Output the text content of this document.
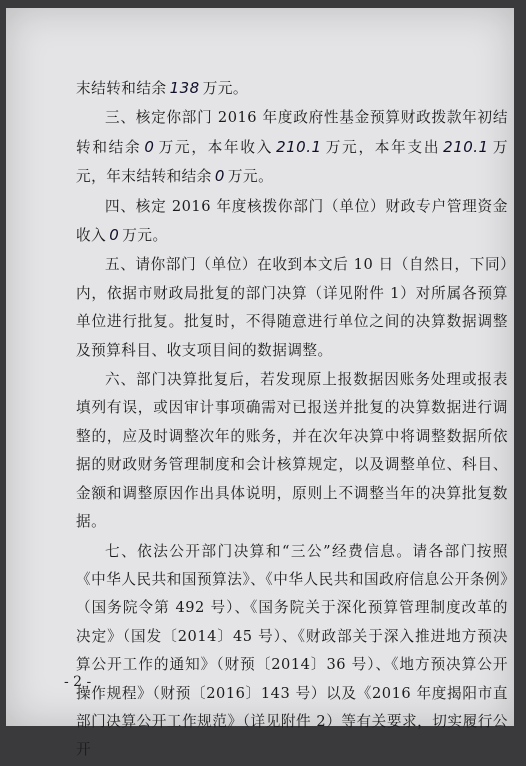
末结转和结余 138 万元。

三、核定你部门 2016 年度政府性基金预算财政拨款年初结转和结余 0 万元，本年收入 210.1 万元，本年支出 210.1 万元，年末结转和结余 0 万元。

四、核定 2016 年度核拨你部门（单位）财政专户管理资金收入 0 万元。

五、请你部门（单位）在收到本文后 10 日（自然日，下同）内，依据市财政局批复的部门决算（详见附件 1）对所属各预算单位进行批复。批复时，不得随意进行单位之间的决算数据调整及预算科目、收支项目间的数据调整。

六、部门决算批复后，若发现原上报数据因账务处理或报表填列有误，或因审计事项确需对已报送并批复的决算数据进行调整的，应及时调整次年的账务，并在次年决算中将调整数据所依据的财政财务管理制度和会计核算规定，以及调整单位、科目、金额和调整原因作出具体说明，原则上不调整当年的决算批复数据。

七、依法公开部门决算和“三公”经费信息。请各部门按照《中华人民共和国预算法》、《中华人民共和国政府信息公开条例》（国务院令第 492 号）、《国务院关于深化预算管理制度改革的决定》（国发〔2014〕45 号）、《财政部关于深入推进地方预决算公开工作的通知》（财预〔2014〕36 号）、《地方预决算公开操作规程》（财预〔2016〕143 号）以及《2016 年度揭阳市直部门决算公开工作规范》（详见附件 2）等有关要求，切实履行公开

- 2 -
